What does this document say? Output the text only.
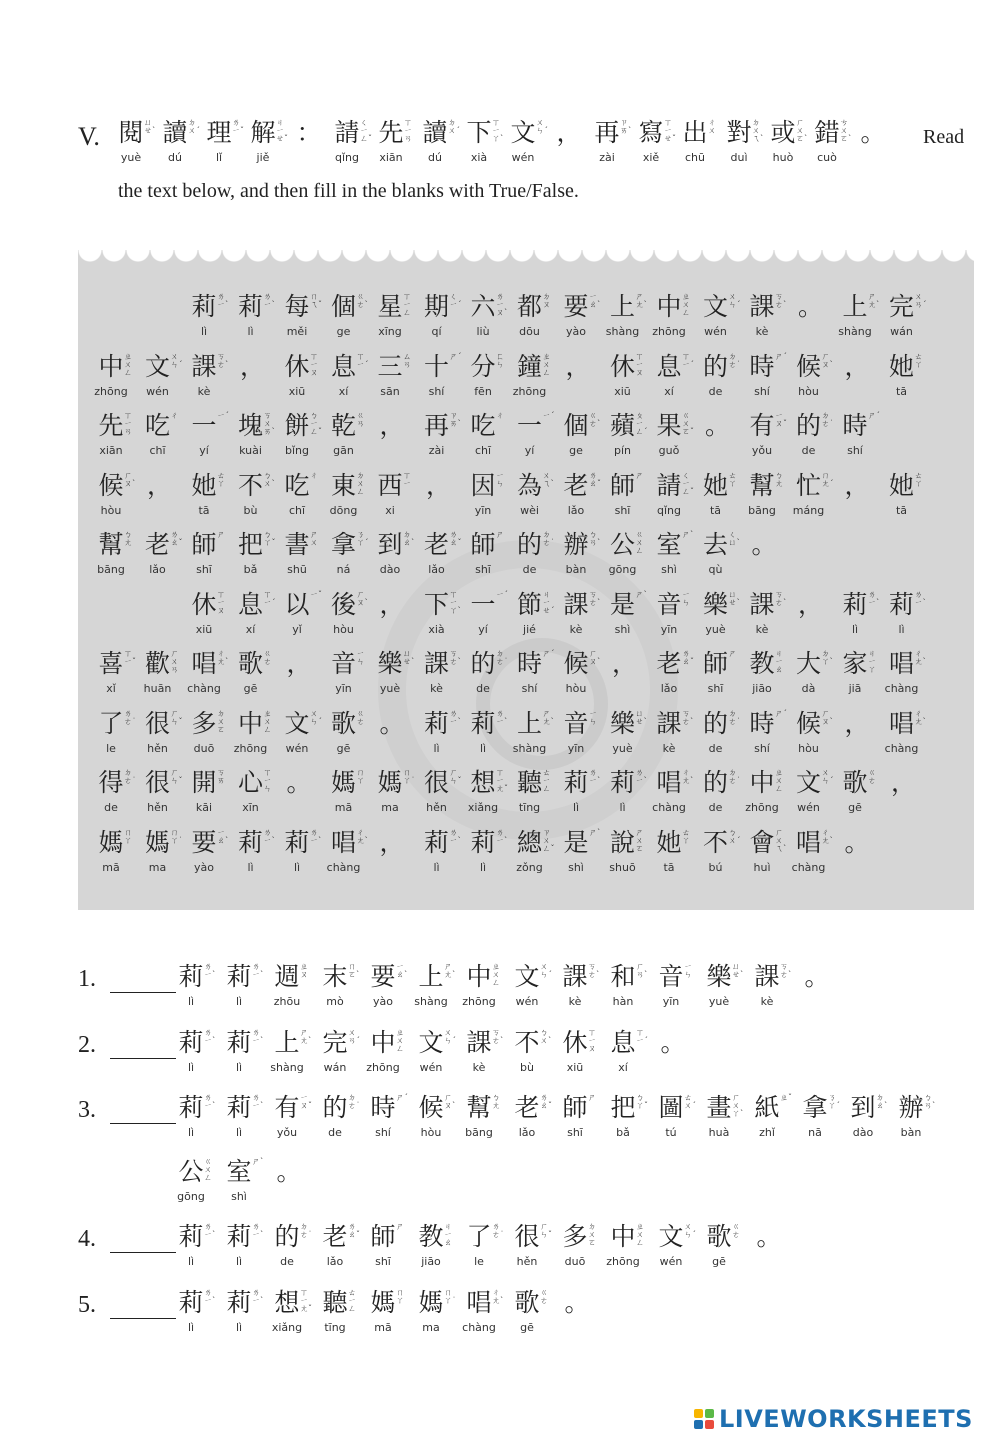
V. 閱 ㄩㄝˋ
yuè
讀 ㄉㄨˊ
dú
理 ㄌㄧˇ
lǐ
解 ㄐㄧㄝˇ
jiě
： 請 ㄑㄧㄥˇ
qǐng
先 ㄒㄧㄢ
xiān
讀 ㄉㄨˊ
dú
下 ㄒㄧㄚˋ
xià
文 ㄨㄣˊ
wén
， 再 ㄗㄞˋ
zài
寫 ㄒㄧㄝˇ
xiě
出 ㄔㄨ
chū
對 ㄉㄨㄟˋ
duì
或 ㄏㄨㄛˋ
huò
錯 ㄘㄨㄛˋ
cuò
。 Read
the text below, and then fill in the blanks with True/False.
莉 ㄌㄧˋ
lì
莉 ㄌㄧˋ
lì
每 ㄇㄟˇ
měi
個 ㄍㄜˋ
ge
星 ㄒㄧㄥ
xīng
期 ㄑㄧˊ
qí
六 ㄌㄧㄡˋ
liù
都 ㄉㄡ
dōu
要 ㄧㄠˋ
yào
上 ㄕㄤˋ
shàng
中 ㄓㄨㄥ
zhōng
文 ㄨㄣˊ
wén
課 ㄎㄜˋ
kè
。 上 ㄕㄤˋ
shàng
完 ㄨㄢˊ
wán
中 ㄓㄨㄥ
zhōng
文 ㄨㄣˊ
wén
課 ㄎㄜˋ
kè
， 休 ㄒㄧㄡ
xiū
息 ㄒㄧˊ
xí
三 ㄙㄢ
sān
十 ㄕˊ
shí
分 ㄈㄣ
fēn
鐘 ㄓㄨㄥ
zhōng
， 休 ㄒㄧㄡ
xiū
息 ㄒㄧˊ
xí
的 ㄉㄜ˙
de
時 ㄕˊ
shí
候 ㄏㄡˋ
hòu
， 她 ㄊㄚ
tā
先 ㄒㄧㄢ
xiān
吃 ㄔ
chī
一 ㄧˊ
yí
塊 ㄎㄨㄞˋ
kuài
餅 ㄅㄧㄥˇ
bǐng
乾 ㄍㄢ
gān
， 再 ㄗㄞˋ
zài
吃 ㄔ
chī
一 ㄧˊ
yí
個 ㄍㄜˋ
ge
蘋 ㄆㄧㄥˊ
pín
果 ㄍㄨㄛˇ
guǒ
。 有 ㄧㄡˇ
yǒu
的 ㄉㄜ˙
de
時 ㄕˊ
shí
候 ㄏㄡˋ
hòu
， 她 ㄊㄚ
tā
不 ㄅㄨˋ
bù
吃 ㄔ
chī
東 ㄉㄨㄥ
dōng
西 ㄒㄧ
xi
， 因 ㄧㄣ
yīn
為 ㄨㄟˋ
wèi
老 ㄌㄠˇ
lǎo
師 ㄕ
shī
請 ㄑㄧㄥˇ
qǐng
她 ㄊㄚ
tā
幫 ㄅㄤ
bāng
忙 ㄇㄤˊ
máng
， 她 ㄊㄚ
tā
幫 ㄅㄤ
bāng
老 ㄌㄠˇ
lǎo
師 ㄕ
shī
把 ㄅㄚˇ
bǎ
書 ㄕㄨ
shū
拿 ㄋㄚˊ
ná
到 ㄉㄠˋ
dào
老 ㄌㄠˇ
lǎo
師 ㄕ
shī
的 ㄉㄜ˙
de
辦 ㄅㄢˋ
bàn
公 ㄍㄨㄥ
gōng
室 ㄕˋ
shì
去 ㄑㄩˋ
qù
。
休 ㄒㄧㄡ
xiū
息 ㄒㄧˊ
xí
以 ㄧˇ
yǐ
後 ㄏㄡˋ
hòu
， 下 ㄒㄧㄚˋ
xià
一 ㄧˊ
yí
節 ㄐㄧㄝˊ
jié
課 ㄎㄜˋ
kè
是 ㄕˋ
shì
音 ㄧㄣ
yīn
樂 ㄩㄝˋ
yuè
課 ㄎㄜˋ
kè
， 莉 ㄌㄧˋ
lì
莉 ㄌㄧˋ
lì
喜 ㄒㄧˇ
xǐ
歡 ㄏㄨㄢ
huān
唱 ㄔㄤˋ
chàng
歌 ㄍㄜ
gē
， 音 ㄧㄣ
yīn
樂 ㄩㄝˋ
yuè
課 ㄎㄜˋ
kè
的 ㄉㄜ˙
de
時 ㄕˊ
shí
候 ㄏㄡˋ
hòu
， 老 ㄌㄠˇ
lǎo
師 ㄕ
shī
教 ㄐㄧㄠ
jiāo
大 ㄉㄚˋ
dà
家 ㄐㄧㄚ
jiā
唱 ㄔㄤˋ
chàng
了 ㄌㄜ˙
le
很 ㄏㄣˇ
hěn
多 ㄉㄨㄛ
duō
中 ㄓㄨㄥ
zhōng
文 ㄨㄣˊ
wén
歌 ㄍㄜ
gē
。 莉 ㄌㄧˋ
lì
莉 ㄌㄧˋ
lì
上 ㄕㄤˋ
shàng
音 ㄧㄣ
yīn
樂 ㄩㄝˋ
yuè
課 ㄎㄜˋ
kè
的 ㄉㄜ˙
de
時 ㄕˊ
shí
候 ㄏㄡˋ
hòu
， 唱 ㄔㄤˋ
chàng
得 ㄉㄜ˙
de
很 ㄏㄣˇ
hěn
開 ㄎㄞ
kāi
心 ㄒㄧㄣ
xīn
。 媽 ㄇㄚ
mā
媽 ㄇㄚ˙
ma
很 ㄏㄣˇ
hěn
想 ㄒㄧㄤˇ
xiǎng
聽 ㄊㄧㄥ
tīng
莉 ㄌㄧˋ
lì
莉 ㄌㄧˋ
lì
唱 ㄔㄤˋ
chàng
的 ㄉㄜ˙
de
中 ㄓㄨㄥ
zhōng
文 ㄨㄣˊ
wén
歌 ㄍㄜ
gē
，
媽 ㄇㄚ
mā
媽 ㄇㄚ˙
ma
要 ㄧㄠˋ
yào
莉 ㄌㄧˋ
lì
莉 ㄌㄧˋ
lì
唱 ㄔㄤˋ
chàng
， 莉 ㄌㄧˋ
lì
莉 ㄌㄧˋ
lì
總 ㄗㄨㄥˇ
zǒng
是 ㄕˋ
shì
說 ㄕㄨㄛ
shuō
她 ㄊㄚ
tā
不 ㄅㄨˊ
bú
會 ㄏㄨㄟˋ
huì
唱 ㄔㄤˋ
chàng
。
1.	莉 ㄌㄧˋ
lì
莉 ㄌㄧˋ
lì
週 ㄓㄡ
zhōu
末 ㄇㄛˋ
mò
要 ㄧㄠˋ
yào
上 ㄕㄤˋ
shàng
中 ㄓㄨㄥ
zhōng
文 ㄨㄣˊ
wén
課 ㄎㄜˋ
kè
和 ㄏㄢˋ
hàn
音 ㄧㄣ
yīn
樂 ㄩㄝˋ
yuè
課 ㄎㄜˋ
kè
。
2.	莉 ㄌㄧˋ
lì
莉 ㄌㄧˋ
lì
上 ㄕㄤˋ
shàng
完 ㄨㄢˊ
wán
中 ㄓㄨㄥ
zhōng
文 ㄨㄣˊ
wén
課 ㄎㄜˋ
kè
不 ㄅㄨˋ
bù
休 ㄒㄧㄡ
xiū
息 ㄒㄧˊ
xí
。
3.	莉 ㄌㄧˋ
lì
莉 ㄌㄧˋ
lì
有 ㄧㄡˇ
yǒu
的 ㄉㄜ˙
de
時 ㄕˊ
shí
候 ㄏㄡˋ
hòu
幫 ㄅㄤ
bāng
老 ㄌㄠˇ
lǎo
師 ㄕ
shī
把 ㄅㄚˇ
bǎ
圖 ㄊㄨˊ
tú
畫 ㄏㄨㄚˋ
huà
紙 ㄓˇ
zhǐ
拿 ㄋㄚˊ
nā
到 ㄉㄠˋ
dào
辦 ㄅㄢˋ
bàn
公 ㄍㄨㄥ
gōng
室 ㄕˋ
shì
。
4.	莉 ㄌㄧˋ
lì
莉 ㄌㄧˋ
lì
的 ㄉㄜ˙
de
老 ㄌㄠˇ
lǎo
師 ㄕ
shī
教 ㄐㄧㄠ
jiāo
了 ㄌㄜ˙
le
很 ㄏㄣˇ
hěn
多 ㄉㄨㄛ
duō
中 ㄓㄨㄥ
zhōng
文 ㄨㄣˊ
wén
歌 ㄍㄜ
gē
。
5.	莉 ㄌㄧˋ
lì
莉 ㄌㄧˋ
lì
想 ㄒㄧㄤˇ
xiǎng
聽 ㄊㄧㄥ
tīng
媽 ㄇㄚ
mā
媽 ㄇㄚ˙
ma
唱 ㄔㄤˋ
chàng
歌 ㄍㄜ
gē
。
LIVEWORKSHEETS
